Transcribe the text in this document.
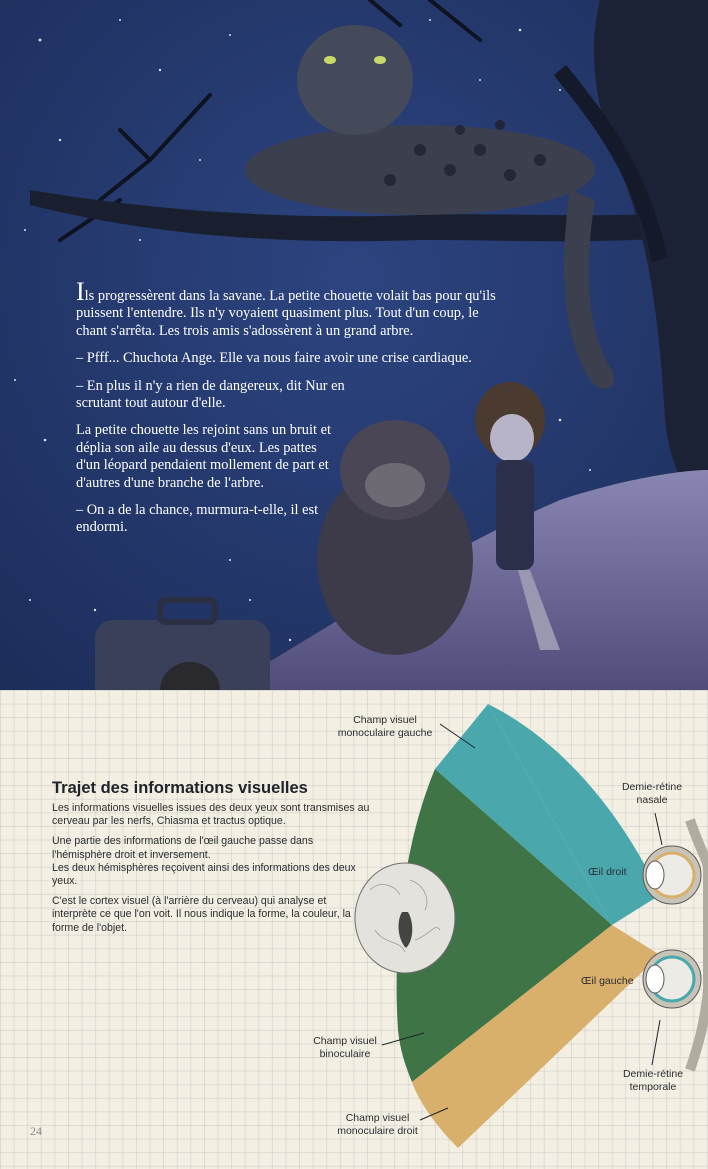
Ils progressèrent dans la savane. La petite chouette volait bas pour qu'ils puissent l'entendre. Ils n'y voyaient quasiment plus. Tout d'un coup, le chant s'arrêta. Les trois amis s'adossèrent à un grand arbre.

– Pfff... Chuchota Ange. Elle va nous faire avoir une crise cardiaque.

– En plus il n'y a rien de dangereux, dit Nur en scrutant tout autour d'elle.

La petite chouette les rejoint sans un bruit et déplia son aile au dessus d'eux. Les pattes d'un léopard pendaient mollement de part et d'autres d'une branche de l'arbre.

– On a de la chance, murmura-t-elle, il est endormi.

Trajet des informations visuelles

Les informations visuelles issues des deux yeux sont transmises au cerveau par les nerfs, Chiasma et tractus optique.

Une partie des informations de l'œil gauche passe dans l'hémisphère droit et inversement.
Les deux hémisphères reçoivent ainsi des informations des deux yeux.

C'est le cortex visuel (à l'arrière du cerveau) qui analyse et interprète ce que l'on voit. Il nous indique la forme, la couleur, la forme de l'objet.

Champ visuel monoculaire gauche
Champ visuel binoculaire
Champ visuel monoculaire droit
Demie-rétine nasale
Demie-rétine temporale
Œil droit
Œil gauche
24
